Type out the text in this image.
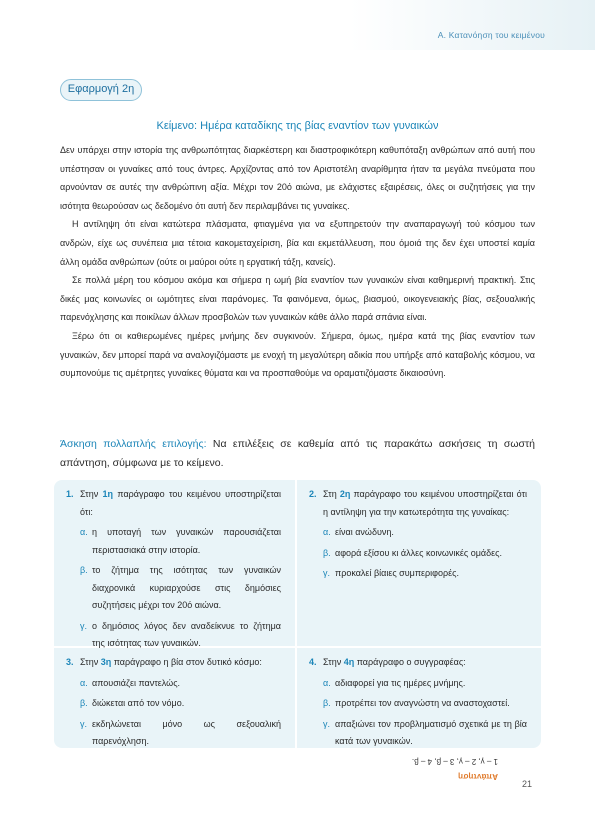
Α. Κατανόηση του κειμένου
Εφαρμογή 2η
Κείμενο: Ημέρα καταδίκης της βίας εναντίον των γυναικών

Δεν υπάρχει στην ιστορία της ανθρωπότητας διαρκέστερη και διαστροφικότερη καθυπόταξη ανθρώπων από αυτή που υπέστησαν οι γυναίκες από τους άντρες. Αρχίζοντας από τον Αριστοτέλη αναρίθμητα ήταν τα μεγάλα πνεύματα που αρνούνταν σε αυτές την ανθρώπινη αξία. Μέχρι τον 20ό αιώνα, με ελάχιστες εξαιρέσεις, όλες οι συζητήσεις για την ισότητα θεωρούσαν ως δεδομένο ότι αυτή δεν περιλαμβάνει τις γυναίκες.

Η αντίληψη ότι είναι κατώτερα πλάσματα, φτιαγμένα για να εξυπηρετούν την αναπαραγωγή τού κόσμου των ανδρών, είχε ως συνέπεια μια τέτοια κακομεταχείριση, βία και εκμετάλλευση, που όμοιά της δεν έχει υποστεί καμία άλλη ομάδα ανθρώπων (ούτε οι μαύροι ούτε η εργατική τάξη, κανείς).

Σε πολλά μέρη του κόσμου ακόμα και σήμερα η ωμή βία εναντίον των γυναικών είναι καθημερινή πρακτική. Στις δικές μας κοινωνίες οι ωμότητες είναι παράνομες. Τα φαινόμενα, όμως, βιασμού, οικογενειακής βίας, σεξουαλικής παρενόχλησης και ποικίλων άλλων προσβολών των γυναικών κάθε άλλο παρά σπάνια είναι.

Ξέρω ότι οι καθιερωμένες ημέρες μνήμης δεν συγκινούν. Σήμερα, όμως, ημέρα κατά της βίας εναντίον των γυναικών, δεν μπορεί παρά να αναλογιζόμαστε με ενοχή τη μεγαλύτερη αδικία που υπήρξε από καταβολής κόσμου, να συμπονούμε τις αμέτρητες γυναίκες θύματα και να προσπαθούμε να οραματιζόμαστε δικαιοσύνη.

Άσκηση πολλαπλής επιλογής: Να επιλέξεις σε καθεμία από τις παρακάτω ασκήσεις τη σωστή απάντηση, σύμφωνα με το κείμενο.
1. Στην 1η παράγραφο του κειμένου υποστηρίζεται ότι:
α. η υποταγή των γυναικών παρουσιάζεται περιστασιακά στην ιστορία.
β. το ζήτημα της ισότητας των γυναικών διαχρονικά κυριαρχούσε στις δημόσιες συζητήσεις μέχρι τον 20ό αιώνα.
γ. ο δημόσιος λόγος δεν αναδείκνυε το ζήτημα της ισότητας των γυναικών.
2. Στη 2η παράγραφο του κειμένου υποστηρίζεται ότι η αντίληψη για την κατωτερότητα της γυναίκας:
α. είναι ανώδυνη.
β. αφορά εξίσου κι άλλες κοινωνικές ομάδες.
γ. προκαλεί βίαιες συμπεριφορές.
3. Στην 3η παράγραφο η βία στον δυτικό κόσμο:
α. απουσιάζει παντελώς.
β. διώκεται από τον νόμο.
γ. εκδηλώνεται μόνο ως σεξουαλική παρενόχληση.
4. Στην 4η παράγραφο ο συγγραφέας:
α. αδιαφορεί για τις ημέρες μνήμης.
β. προτρέπει τον αναγνώστη να αναστοχαστεί.
γ. απαξιώνει τον προβληματισμό σχετικά με τη βία κατά των γυναικών.
Απάντηση
1 – γ, 2 – γ, 3 – β, 4 – β.
21
